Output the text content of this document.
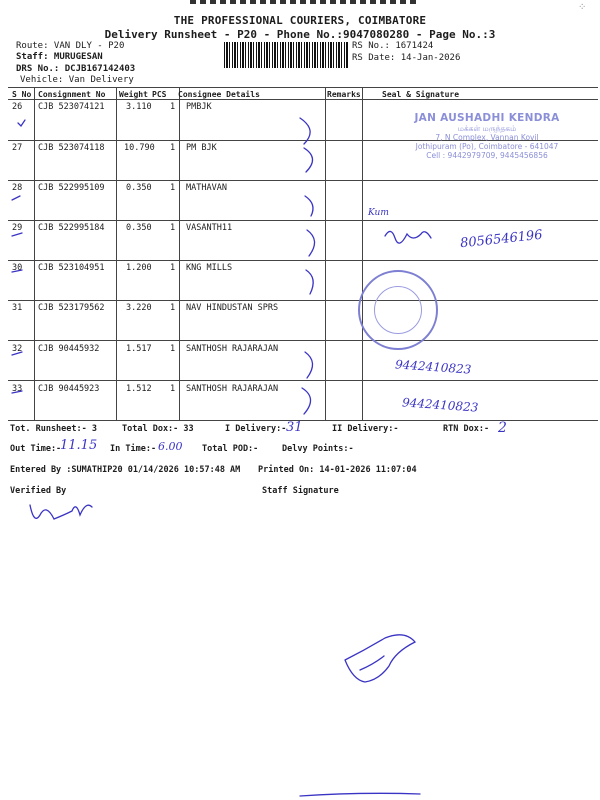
⁘
THE PROFESSIONAL COURIERS, COIMBATORE
Delivery Runsheet - P20 - Phone No.:9047080280 - Page No.:3
Route: VAN DLY - P20
Staff: MURUGESAN
DRS No.: DCJB167142403
Vehicle: Van Delivery
RS No.: 1671424
RS Date: 14-Jan-2026
S No Consignment No Weight PCS Consignee Details	Remarks	Seal & Signature
26 CJB 523074121	3.110 1 PMBJK
27 CJB 523074118 10.790 1 PM BJK
28 CJB 522995109	0.350 1 MATHAVAN
29 CJB 522995184	0.350 1 VASANTH11
30 CJB 523104951	1.200 1 KNG MILLS
31 CJB 523179562	3.220 1 NAV HINDUSTAN SPRS
32 CJB 90445932	1.517 1 SANTHOSH RAJARAJAN
33 CJB 90445923	1.512 1 SANTHOSH RAJARAJAN
JAN AUSHADHI KENDRA
மக்கள் மருந்தகம்
7, N Complex, Vannan Kovil
Jothipuram (Po), Coimbatore - 641047
Cell : 9442979709, 9445456856
Kum
8056546196
9442410823
9442410823
Tot. Runsheet:- 3	Total Dox:- 33	I Delivery:- 31	II Delivery:-	RTN Dox:- 2
Out Time:-
11.15 In Time:- 6.00 Total POD:-	Delvy Points:-
Entered By :SUMATHIP20 01/14/2026 10:57:48 AM Printed On: 14-01-2026 11:07:04
Verified By	Staff Signature
